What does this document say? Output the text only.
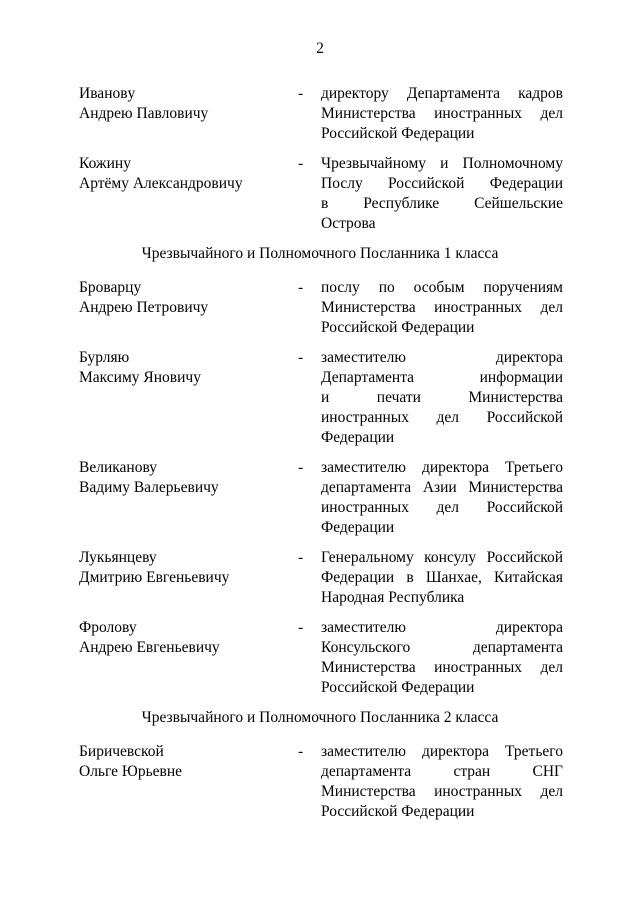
2
Ивановy
Андрею Павловичу
- директору Департамента кадров
Министерства иностранных дел
Российской Федерации
Кожину
Артёму Александровичу
- Чрезвычайному и Полномочному
Послу Российской Федерации
в Республике Сейшельские
Острова
Чрезвычайного и Полномочного Посланника 1 класса
Броварцу
Андрею Петровичу
- послу по особым поручениям
Министерства иностранных дел
Российской Федерации
Бурляю
Максиму Яновичу
- заместителю директора
Департамента информации
и печати Министерства
иностранных дел Российской
Федерации
Великанову
Вадиму Валерьевичу
- заместителю директора Третьего
департамента Азии Министерства
иностранных дел Российской
Федерации
Лукьянцеву
Дмитрию Евгеньевичу
- Генеральному консулу Российской
Федерации в Шанхае, Китайская
Народная Республика
Фролову
Андрею Евгеньевичу
- заместителю директора
Консульского департамента
Министерства иностранных дел
Российской Федерации
Чрезвычайного и Полномочного Посланника 2 класса
Биричевской
Ольге Юрьевне
- заместителю директора Третьего
департамента стран СНГ
Министерства иностранных дел
Российской Федерации
